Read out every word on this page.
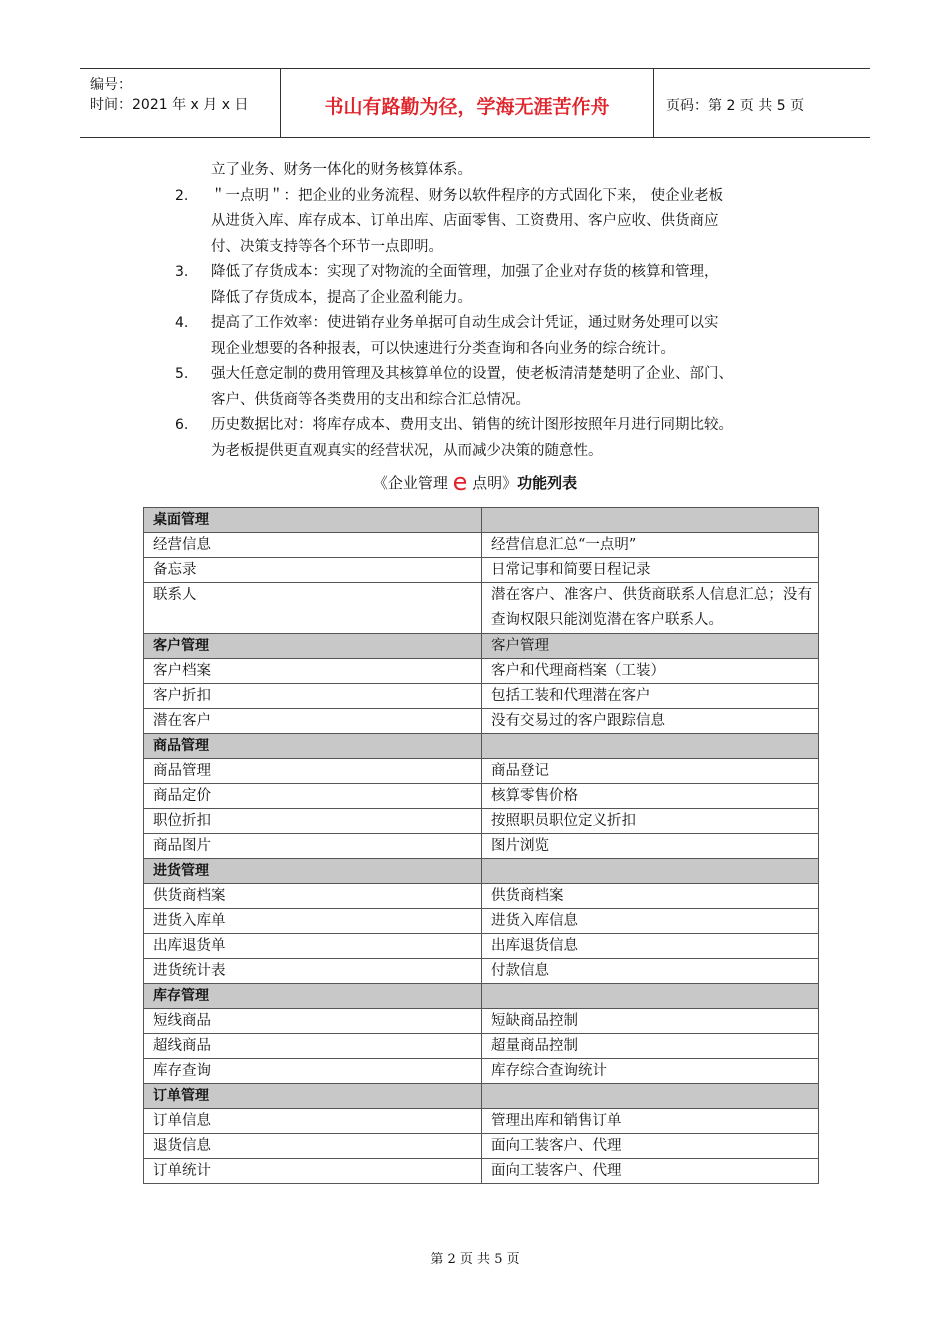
编号：
时间：2021 年 x 月 x 日	书山有路勤为径，学海无涯苦作舟	页码：第 2 页 共 5 页

立了业务、财务一体化的财务核算体系。

2.	＂一点明＂：把企业的业务流程、财务以软件程序的方式固化下来， 使企业老板
从进货入库、库存成本、订单出库、店面零售、工资费用、客户应收、供货商应
付、决策支持等各个环节一点即明。
3.	降低了存货成本：实现了对物流的全面管理，加强了企业对存货的核算和管理，
降低了存货成本，提高了企业盈利能力。
4.	提高了工作效率：使进销存业务单据可自动生成会计凭证，通过财务处理可以实
现企业想要的各种报表，可以快速进行分类查询和各向业务的综合统计。
5.	强大任意定制的费用管理及其核算单位的设置，使老板清清楚楚明了企业、部门、
客户、供货商等各类费用的支出和综合汇总情况。
6.	历史数据比对：将库存成本、费用支出、销售的统计图形按照年月进行同期比较。
为老板提供更直观真实的经营状况，从而减少决策的随意性。
《企业管理 e 点明》功能列表
桌面管理	
经营信息	经营信息汇总“一点明”
备忘录	日常记事和简要日程记录
联系人	潜在客户、准客户、供货商联系人信息汇总；没有查询权限只能浏览潜在客户联系人。
客户管理	客户管理
客户档案	客户和代理商档案（工装）
客户折扣	包括工装和代理潜在客户
潜在客户	没有交易过的客户跟踪信息
商品管理	
商品管理	商品登记
商品定价	核算零售价格
职位折扣	按照职员职位定义折扣
商品图片	图片浏览
进货管理	
供货商档案	供货商档案
进货入库单	进货入库信息
出库退货单	出库退货信息
进货统计表	付款信息
库存管理	
短线商品	短缺商品控制
超线商品	超量商品控制
库存查询	库存综合查询统计
订单管理	
订单信息	管理出库和销售订单
退货信息	面向工装客户、代理
订单统计	面向工装客户、代理
第 2 页 共 5 页
